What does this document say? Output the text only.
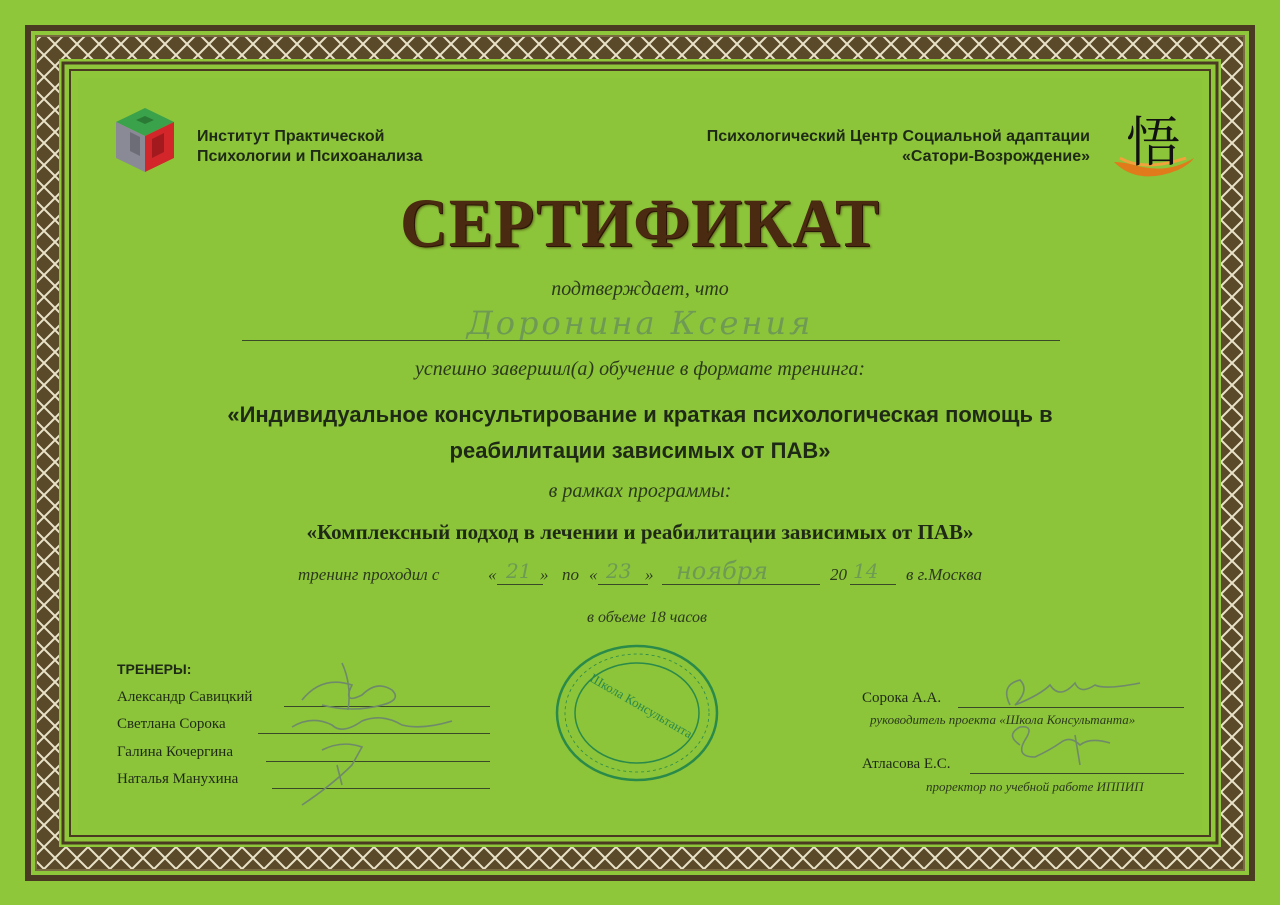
Институт Практической
Психологии и Психоанализа
Психологический Центр Социальной адаптации
«Сатори-Возрождение» 悟
СЕРТИФИКАТ
подтверждает, что
Доронина Ксения
успешно завершил(а) обучение в формате тренинга:
«Индивидуальное консультирование и краткая психологическая помощь в
реабилитации зависимых от ПАВ»
в рамках программы:
«Комплексный подход в лечении и реабилитации зависимых от ПАВ»
тренинг проходил с	« 21 » по « 23 » ноября	20 14 в г.Москва
в объеме 18 часов
ТРЕНЕРЫ:
Александр Савицкий
Светлана Сорока
Галина Кочергина
Наталья Манухина
Школа Консультанта	Сорока А.А.
руководитель проекта «Школа Консультанта»
Атласова Е.С.
проректор по учебной работе ИППИП
